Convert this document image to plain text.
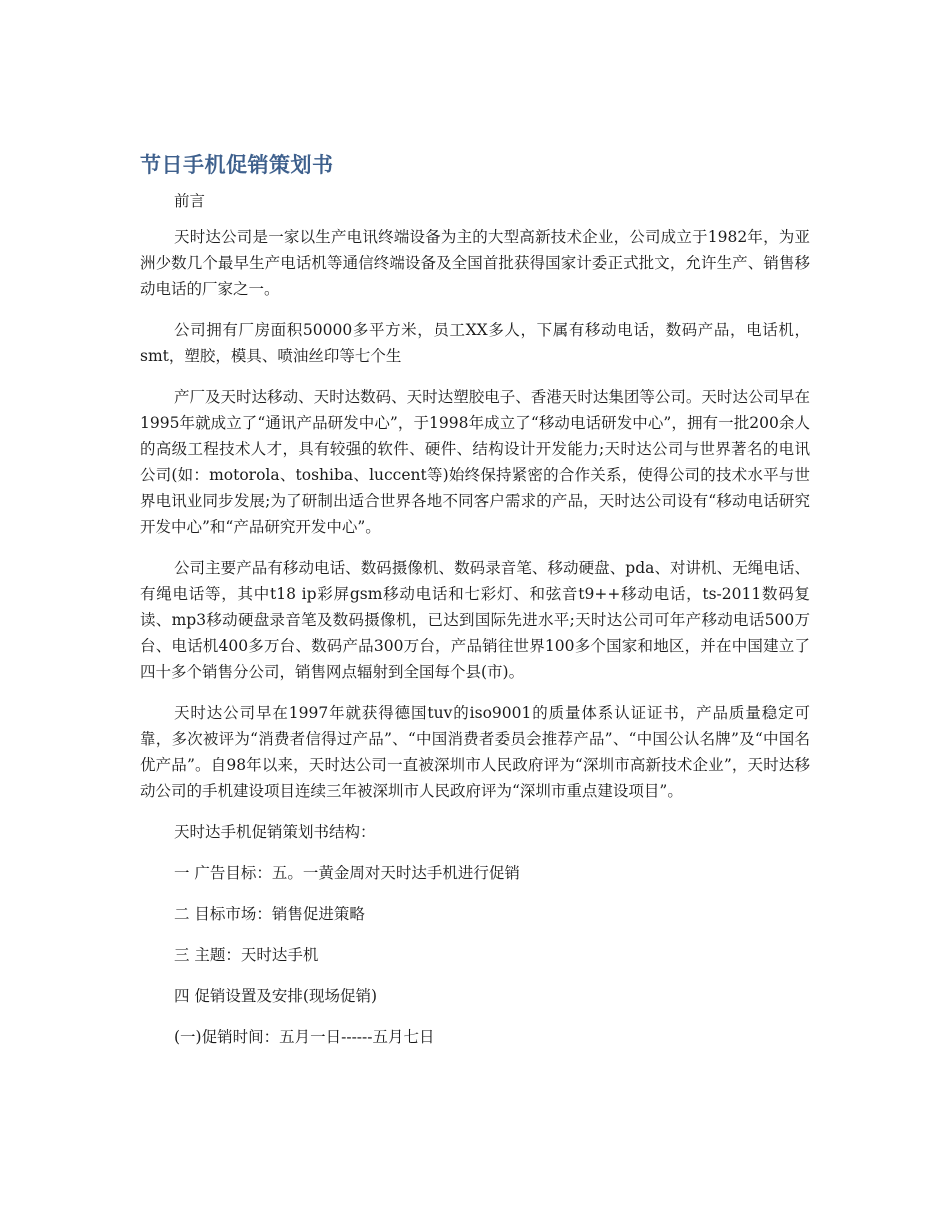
节日手机促销策划书

前言

天时达公司是一家以生产电讯终端设备为主的大型高新技术企业，公司成立于1982年，为亚洲少数几个最早生产电话机等通信终端设备及全国首批获得国家计委正式批文，允许生产、销售移动电话的厂家之一。

公司拥有厂房面积50000多平方米，员工XX多人，下属有移动电话，数码产品，电话机，smt，塑胶，模具、喷油丝印等七个生

产厂及天时达移动、天时达数码、天时达塑胶电子、香港天时达集团等公司。天时达公司早在1995年就成立了“通讯产品研发中心”，于1998年成立了“移动电话研发中心”，拥有一批200余人的高级工程技术人才，具有较强的软件、硬件、结构设计开发能力;天时达公司与世界著名的电讯公司(如：motorola、toshiba、luccent等)始终保持紧密的合作关系，使得公司的技术水平与世界电讯业同步发展;为了研制出适合世界各地不同客户需求的产品，天时达公司设有“移动电话研究开发中心”和“产品研究开发中心”。

公司主要产品有移动电话、数码摄像机、数码录音笔、移动硬盘、pda、对讲机、无绳电话、有绳电话等，其中t18 ip彩屏gsm移动电话和七彩灯、和弦音t9++移动电话，ts-2011数码复读、mp3移动硬盘录音笔及数码摄像机，已达到国际先进水平;天时达公司可年产移动电话500万台、电话机400多万台、数码产品300万台，产品销往世界100多个国家和地区，并在中国建立了四十多个销售分公司，销售网点辐射到全国每个县(市)。

天时达公司早在1997年就获得德国tuv的iso9001的质量体系认证证书，产品质量稳定可靠，多次被评为“消费者信得过产品”、“中国消费者委员会推荐产品”、“中国公认名牌”及“中国名优产品”。自98年以来，天时达公司一直被深圳市人民政府评为“深圳市高新技术企业”，天时达移动公司的手机建设项目连续三年被深圳市人民政府评为“深圳市重点建设项目”。

天时达手机促销策划书结构：

一 广告目标：五。一黄金周对天时达手机进行促销

二 目标市场：销售促进策略

三 主题：天时达手机

四 促销设置及安排(现场促销)

(一)促销时间：五月一日------五月七日
